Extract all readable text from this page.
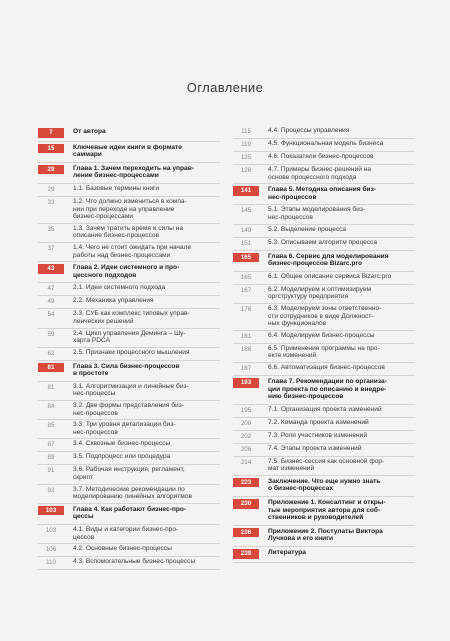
Оглавление
7	От автора
15	Ключевые идеи книги в формате
саммари
29	Глава 1. Зачем переходить на управ-
ление бизнес-процессами
29	1.1. Базовые термины книги
33	1.2. Что должно измениться в компа-
нии при переходе на управление
бизнес-процессами
35	1.3. Зачем тратить время и силы на
описание бизнес-процессов
37	1.4. Чего не стоит ожидать при начале
работы над бизнес-процессами
43	Глава 2. Идеи системного и про-
цессного подходов
47	2.1. Идеи системного подхода
49	2.2. Механика управления
54	2.3. СУБ как комплекс типовых управ-
ленческих решений
59	2.4. Цикл управления Деминга – Шу-
харта PDCA
62	2.5. Признаки процессного мышления
81	Глава 3. Сила бизнес-процессов
в простоте
81	3.1. Алгоритмизация и линейные биз-
нес-процессы
84	3.2. Две формы представления биз-
нес-процессов
85	3.3. Три уровня детализации биз-
нес-процессов
87	3.4. Сквозные бизнес-процессы
89	3.5. Подпроцесс или процедура
91	3.6. Рабочая инструкция, регламент,
скрипт
92	3.7. Методические рекомендации по
моделированию линейных алгоритмов
103	Глава 4. Как работают бизнес-про-
цессы
103	4.1. Виды и категории бизнес-про-
цессов
106	4.2. Основные бизнес-процессы
110	4.3. Вспомогательные бизнес-процессы
115	4.4. Процессы управления
119	4.5. Функциональная модель бизнеса
125	4.6. Показатели бизнес-процессов
126	4.7. Примеры бизнес-решений на
основе процессного подхода
141	Глава 5. Методика описания биз-
нес-процессов
145	5.1. Этапы моделирования биз-
нес-процессов
149	5.2. Выделение процесса
151	5.3. Описываем алгоритм процесса
165	Глава 6. Сервис для моделирования
бизнес-процессов Bizarc.pro
165	6.1. Общее описание сервиса Bizarc.pro
167	6.2. Моделируем и оптимизируем
оргструктуру предприятия
176	6.3. Моделируем зоны ответственно-
сти сотрудников в виде Должност-
ных функционалов
181	6.4. Моделируем бизнес-процессы
186	6.5. Применение программы на про-
екте изменений
187	6.6. Автоматизация бизнес-процессов
193	Глава 7. Рекомендации по организа-
ции проекта по описанию и внедре-
нию бизнес-процессов
195	7.1. Организация проекта изменений
200	7.2. Команда проекта изменений
202	7.3. Роли участников изменений
206	7.4. Этапы проекта изменений
214	7.5. Бизнес-сессия как основной фор-
мат изменений
223	Заключение. Что еще нужно знать
о бизнес-процессах
230	Приложение 1. Консалтинг и откры-
тые мероприятия автора для соб-
ственников и руководителей
236	Приложение 2. Постулаты Виктора
Лучкова и его книги
239	Литература
